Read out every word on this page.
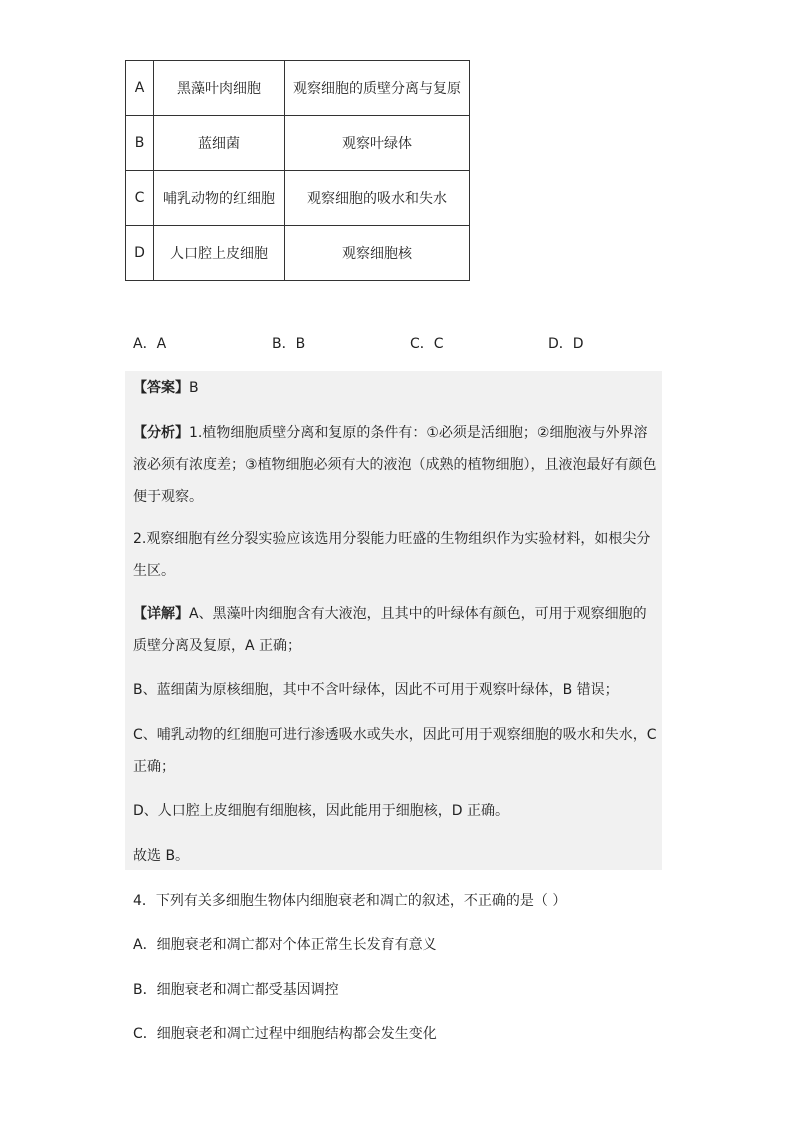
A	黑藻叶肉细胞	观察细胞的质壁分离与复原
B	蓝细菌	观察叶绿体
C	哺乳动物的红细胞	观察细胞的吸水和失水
D	人口腔上皮细胞	观察细胞核
A．A	B．B	C．C	D．D

【答案】B

【分析】1.植物细胞质壁分离和复原的条件有：①必须是活细胞；②细胞液与外界溶液必须有浓度差；③植物细胞必须有大的液泡（成熟的植物细胞），且液泡最好有颜色便于观察。

2.观察细胞有丝分裂实验应该选用分裂能力旺盛的生物组织作为实验材料，如根尖分生区。

【详解】A、黑藻叶肉细胞含有大液泡，且其中的叶绿体有颜色，可用于观察细胞的质壁分离及复原，A 正确；

B、蓝细菌为原核细胞，其中不含叶绿体，因此不可用于观察叶绿体，B 错误；

C、哺乳动物的红细胞可进行渗透吸水或失水，因此可用于观察细胞的吸水和失水，C 正确；

D、人口腔上皮细胞有细胞核，因此能用于细胞核，D 正确。

故选 B。

4．下列有关多细胞生物体内细胞衰老和凋亡的叙述，不正确的是（ ）

A．细胞衰老和凋亡都对个体正常生长发育有意义

B．细胞衰老和凋亡都受基因调控

C．细胞衰老和凋亡过程中细胞结构都会发生变化
